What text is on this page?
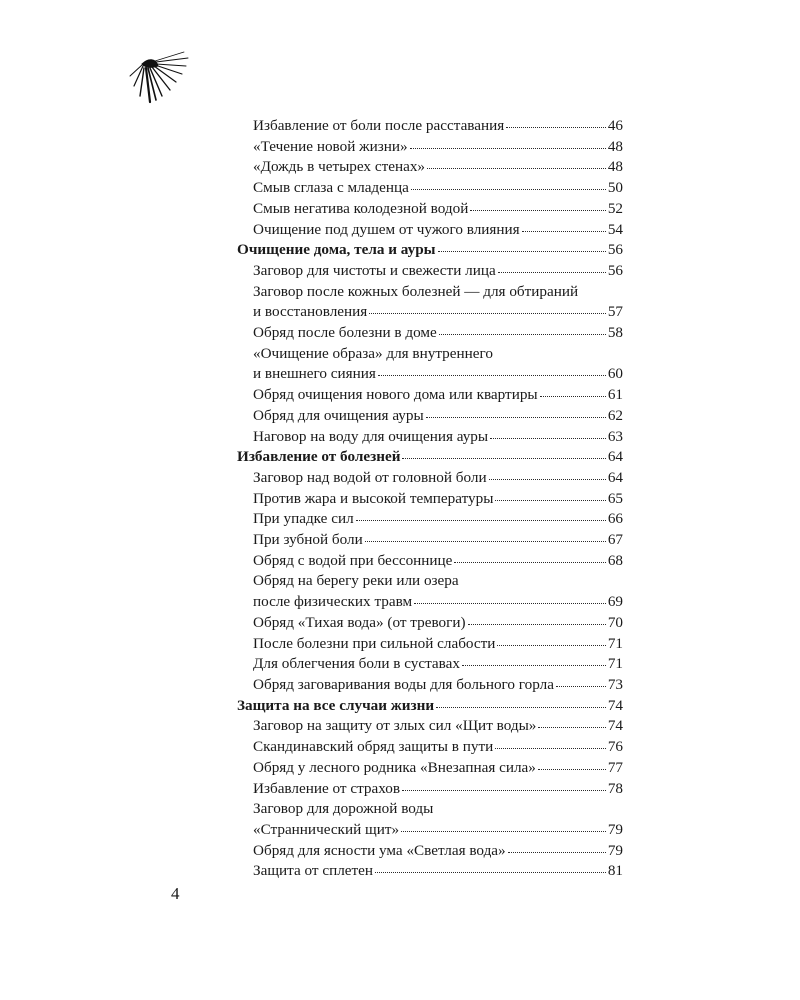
Избавление от боли после расставания	46
«Течение новой жизни»	48
«Дождь в четырех стенах»	48
Смыв сглаза с младенца	50
Смыв негатива колодезной водой	52
Очищение под душем от чужого влияния	54
Очищение дома, тела и ауры	56
Заговор для чистоты и свежести лица	56
Заговор после кожных болезней — для обтираний
и восстановления	57
Обряд после болезни в доме	58
«Очищение образа» для внутреннего
и внешнего сияния	60
Обряд очищения нового дома или квартиры	61
Обряд для очищения ауры	62
Наговор на воду для очищения ауры	63
Избавление от болезней	64
Заговор над водой от головной боли	64
Против жара и высокой температуры	65
При упадке сил	66
При зубной боли	67
Обряд с водой при бессоннице	68
Обряд на берегу реки или озера
после физических травм	69
Обряд «Тихая вода» (от тревоги)	70
После болезни при сильной слабости	71
Для облегчения боли в суставах	71
Обряд заговаривания воды для больного горла	73
Защита на все случаи жизни	74
Заговор на защиту от злых сил «Щит воды»	74
Скандинавский обряд защиты в пути	76
Обряд у лесного родника «Внезапная сила»	77
Избавление от страхов	78
Заговор для дорожной воды
«Страннический щит»	79
Обряд для ясности ума «Светлая вода»	79
Защита от сплетен	81
4
